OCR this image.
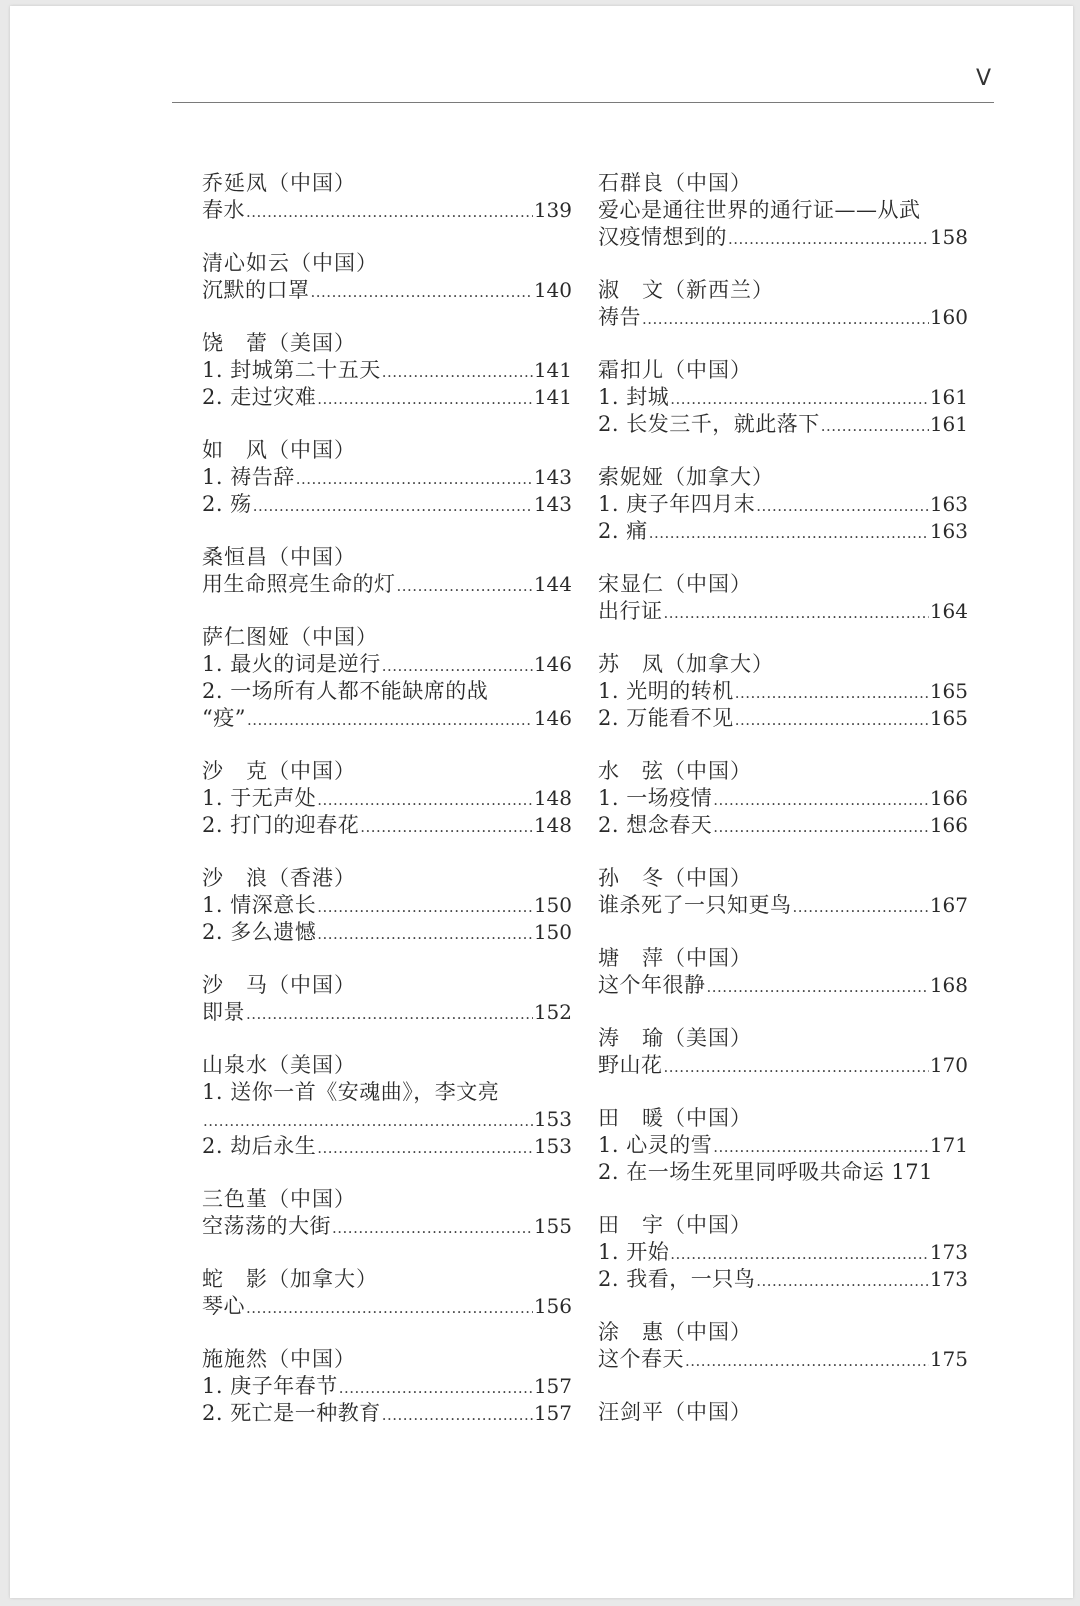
V
乔延凤（中国）
春水 .....	139
清心如云（中国）
沉默的口罩 .....	140
饶　蕾（美国）
1. 封城第二十五天 .....	141
2. 走过灾难 .....	141
如　风（中国）
1. 祷告辞 .....	143
2. 殇 .....	143
桑恒昌（中国）
用生命照亮生命的灯 .....	144
萨仁图娅（中国）
1. 最火的词是逆行 .....	146
2. 一场所有人都不能缺席的战
“疫” .....	146
沙　克（中国）
1. 于无声处 .....	148
2. 打门的迎春花 .....	148
沙　浪（香港）
1. 情深意长 .....	150
2. 多么遗憾 .....	150
沙　马（中国）
即景 .....	152
山泉水（美国）
1. 送你一首《安魂曲》，李文亮
.....
153
2. 劫后永生 .....	153
三色堇（中国）
空荡荡的大街 .....	155
蛇　影（加拿大）
琴心 .....	156
施施然（中国）
1. 庚子年春节 .....	157
2. 死亡是一种教育 .....	157
石群良（中国）
爱心是通往世界的通行证——从武
汉疫情想到的 .....	158
淑　文（新西兰）
祷告 .....	160
霜扣儿（中国）
1. 封城 .....	161
2. 长发三千，就此落下 .....	161
索妮娅（加拿大）
1. 庚子年四月末 .....	163
2. 痛 .....	163
宋显仁（中国）
出行证 .....	164
苏　凤（加拿大）
1. 光明的转机 .....	165
2. 万能看不见 .....	165
水　弦（中国）
1. 一场疫情 .....	166
2. 想念春天 .....	166
孙　冬（中国）
谁杀死了一只知更鸟 .....	167
塘　萍（中国）
这个年很静 .....	168
涛　瑜（美国）
野山花 .....	170
田　暖（中国）
1. 心灵的雪 .....	171
2. 在一场生死里同呼吸共命运 171
田　宇（中国）
1. 开始 .....	173
2. 我看，一只鸟 .....	173
涂　惠（中国）
这个春天 .....	175
汪剑平（中国）
